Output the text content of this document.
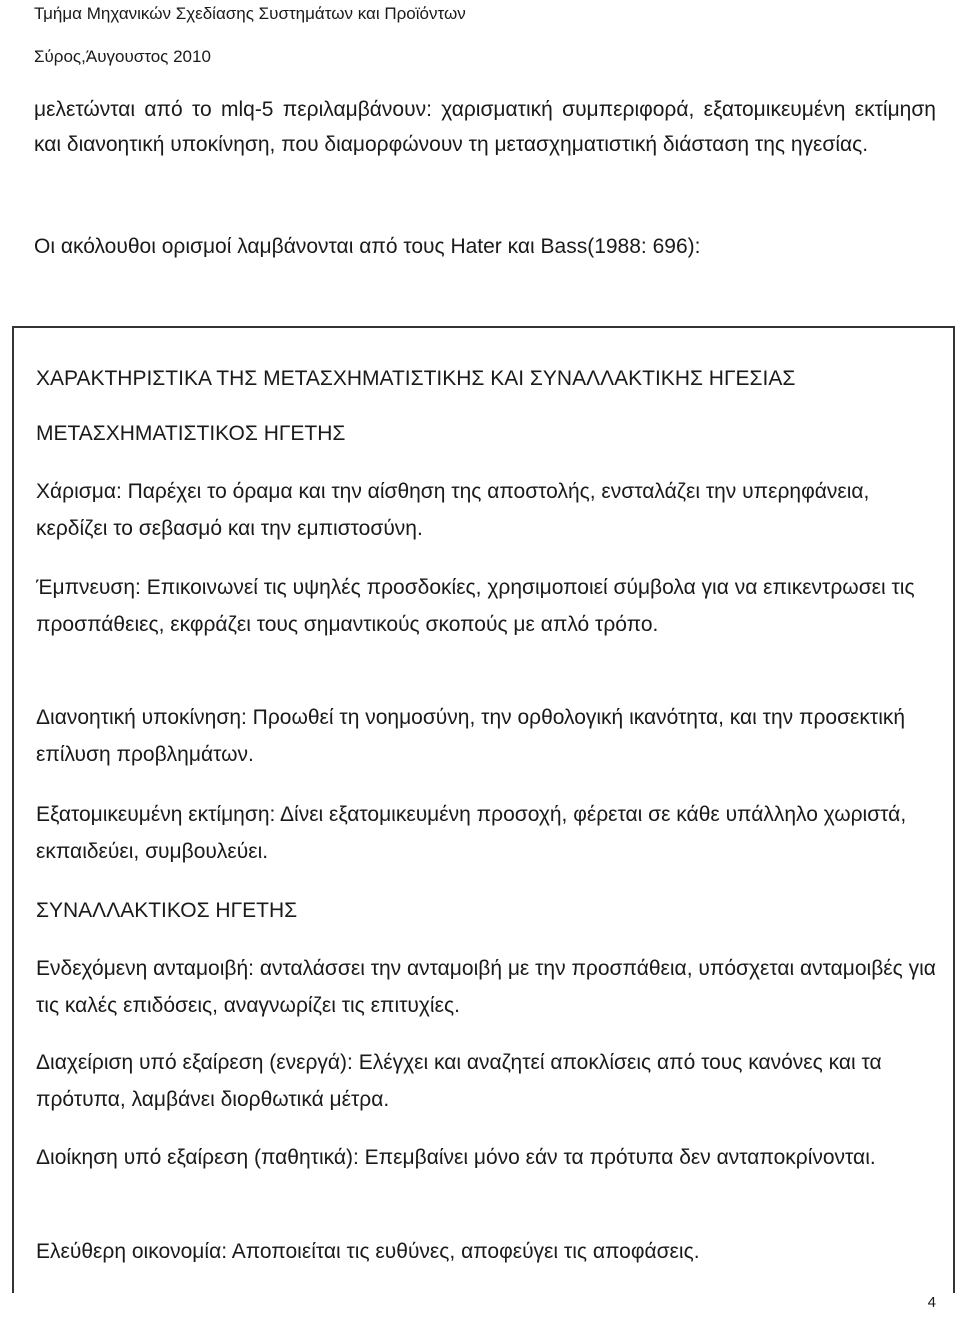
Τμήμα Μηχανικών Σχεδίασης Συστημάτων και Προϊόντων
Σύρος,Άυγουστος 2010
μελετώνται από το mlq-5 περιλαμβάνουν: χαρισματική συμπεριφορά, εξατομικευμένη εκτίμηση και διανοητική υποκίνηση, που διαμορφώνουν τη μετασχηματιστική διάσταση της ηγεσίας.
Οι ακόλουθοι ορισμοί λαμβάνονται από τους Hater και Bass(1988: 696):
ΧΑΡΑΚΤΗΡΙΣΤΙΚΑ ΤΗΣ ΜΕΤΑΣΧΗΜΑΤΙΣΤΙΚΗΣ ΚΑΙ ΣΥΝΑΛΛΑΚΤΙΚΗΣ ΗΓΕΣΙΑΣ
ΜΕΤΑΣΧΗΜΑΤΙΣΤΙΚΟΣ ΗΓΕΤΗΣ
Χάρισμα: Παρέχει το όραμα και την αίσθηση της αποστολής, ενσταλάζει την υπερηφάνεια, κερδίζει το σεβασμό και την εμπιστοσύνη.
Έμπνευση: Επικοινωνεί τις υψηλές προσδοκίες, χρησιμοποιεί σύμβολα για να επικεντρωσει τις προσπάθειες, εκφράζει τους σημαντικούς σκοπούς με απλό τρόπο.
Διανοητική υποκίνηση: Προωθεί τη νοημοσύνη, την ορθολογική ικανότητα, και την προσεκτική επίλυση προβλημάτων.
Εξατομικευμένη εκτίμηση: Δίνει εξατομικευμένη προσοχή, φέρεται σε κάθε υπάλληλο χωριστά, εκπαιδεύει, συμβουλεύει.
ΣΥΝΑΛΛΑΚΤΙΚΟΣ ΗΓΕΤΗΣ
Ενδεχόμενη ανταμοιβή: ανταλάσσει την ανταμοιβή με την προσπάθεια, υπόσχεται ανταμοιβές για τις καλές επιδόσεις, αναγνωρίζει τις επιτυχίες.
Διαχείριση υπό εξαίρεση (ενεργά): Ελέγχει και αναζητεί αποκλίσεις από τους κανόνες και τα πρότυπα, λαμβάνει διορθωτικά μέτρα.
Διοίκηση υπό εξαίρεση (παθητικά): Επεμβαίνει μόνο εάν τα πρότυπα δεν ανταποκρίνονται.
Ελεύθερη οικονομία: Αποποιείται τις ευθύνες, αποφεύγει τις αποφάσεις.
4
